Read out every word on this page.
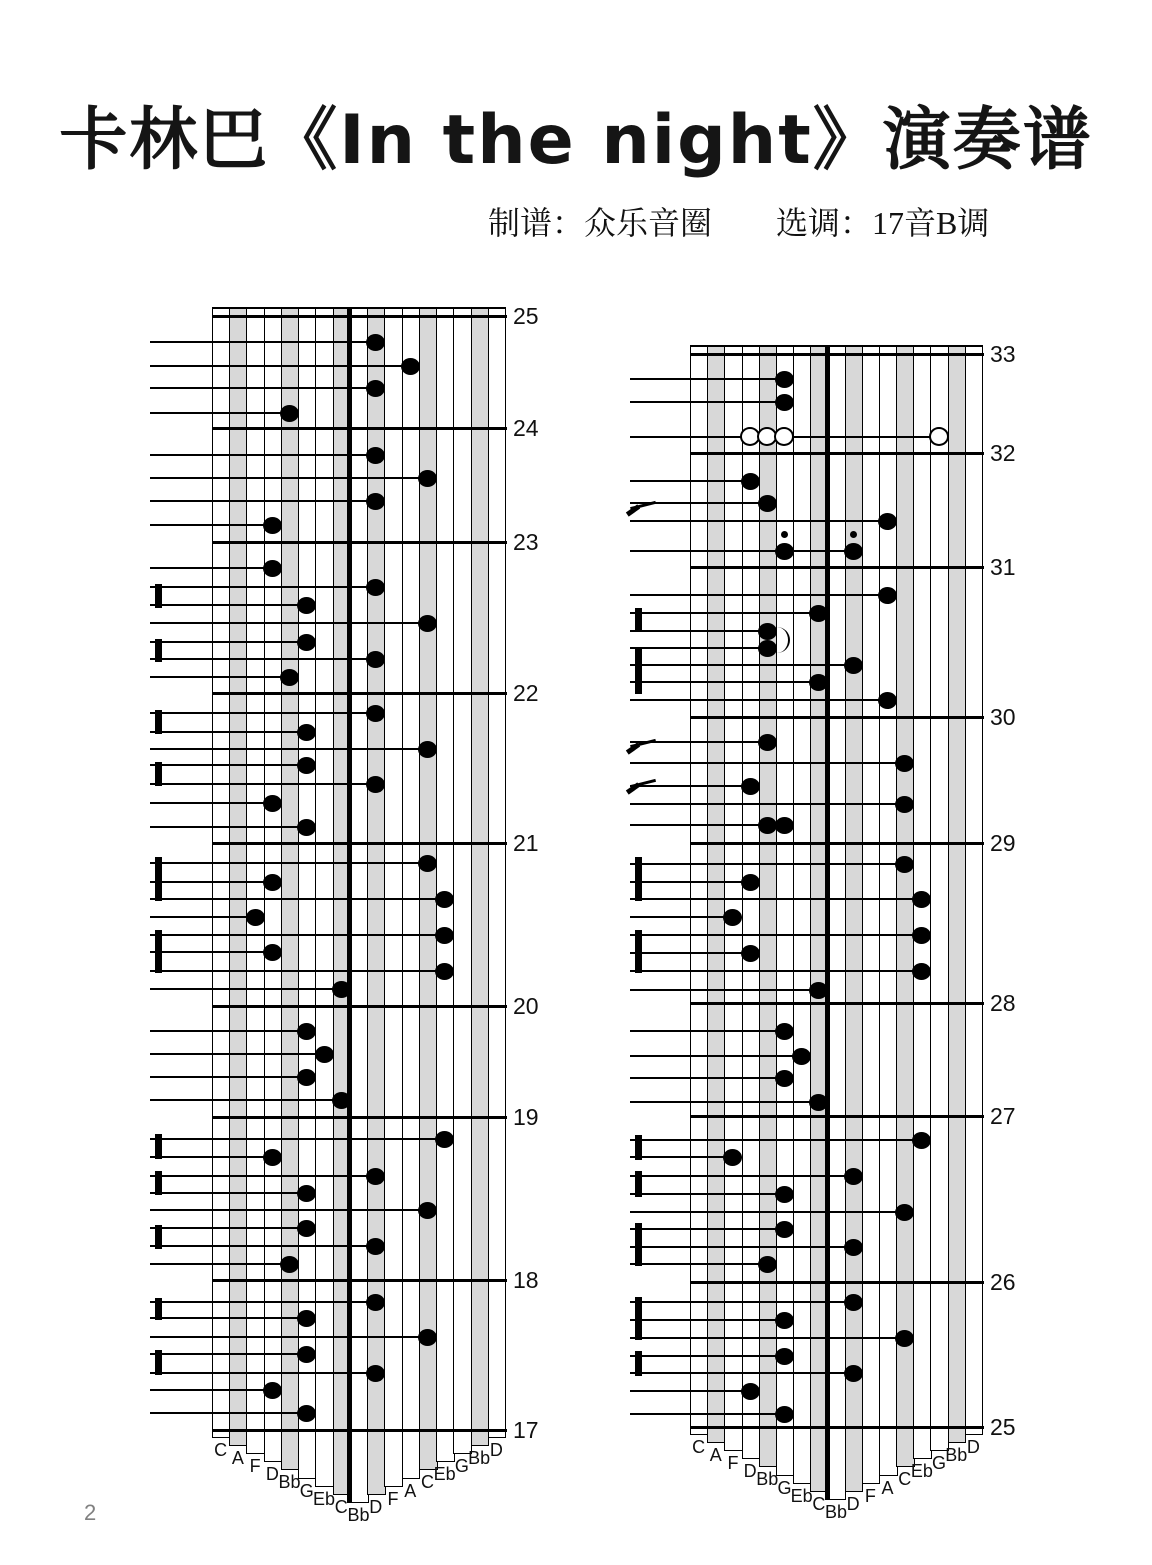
卡林巴《In the night》演奏谱
制谱：众乐音圈 选调：17音B调
C A F D Bb G Eb C Bb D F A C Eb G Bb D
25
24
23
22
21
20
19
18
17
C A F D Bb G Eb C Bb D F A C Eb G Bb D
33
32
31
30
29
28
27
26
25
2
